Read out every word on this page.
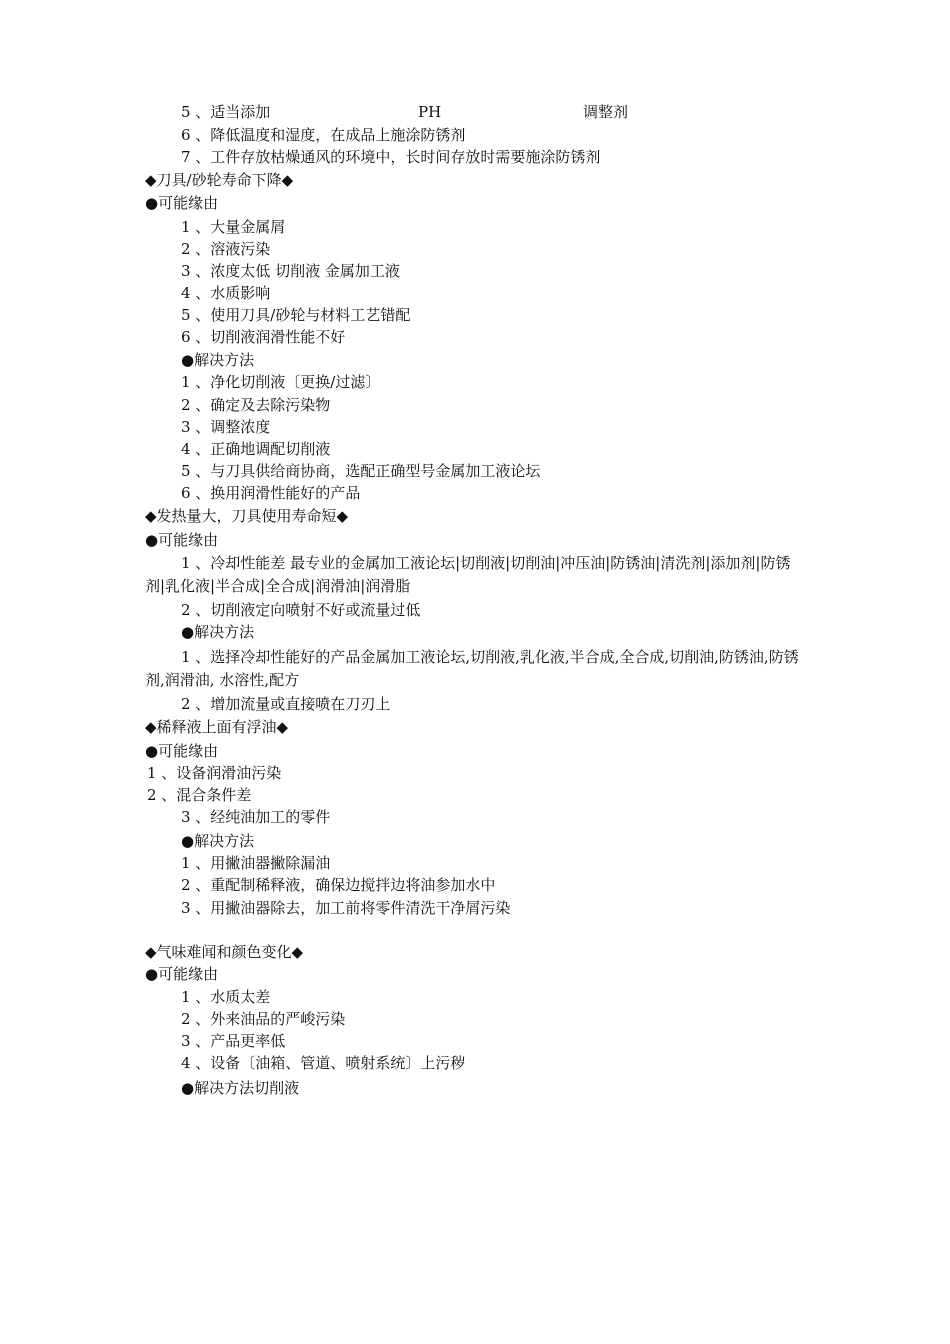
5 、适当添加	PH	调整剂
6 、降低温度和湿度，在成品上施涂防锈剂
7 、工件存放枯燥通风的环境中，长时间存放时需要施涂防锈剂
◆刀具/砂轮寿命下降◆
●可能缘由
1 、大量金属屑
2 、溶液污染
3 、浓度太低 切削液 金属加工液
4 、水质影响
5 、使用刀具/砂轮与材料工艺错配
6 、切削液润滑性能不好
●解决方法
1 、净化切削液〔更换/过滤〕
2 、确定及去除污染物
3 、调整浓度
4 、正确地调配切削液
5 、与刀具供给商协商，选配正确型号金属加工液论坛
6 、换用润滑性能好的产品
◆发热量大，刀具使用寿命短◆
●可能缘由
1 、冷却性能差 最专业的金属加工液论坛|切削液|切削油|冲压油|防锈油|清洗剂|添加剂|防锈剂|乳化液|半合成|全合成|润滑油|润滑脂
2 、切削液定向喷射不好或流量过低
●解决方法
1 、选择冷却性能好的产品金属加工液论坛,切削液,乳化液,半合成,全合成,切削油,防锈油,防锈剂,润滑油, 水溶性,配方
2 、增加流量或直接喷在刀刃上
◆稀释液上面有浮油◆
●可能缘由
1 、设备润滑油污染
2 、混合条件差
3 、经纯油加工的零件
●解决方法
1 、用撇油器撇除漏油
2 、重配制稀释液，确保边搅拌边将油参加水中
3 、用撇油器除去，加工前将零件清洗干净屑污染
◆气味难闻和颜色变化◆
●可能缘由
1 、水质太差
2 、外来油品的严峻污染
3 、产品更率低
4 、设备〔油箱、管道、喷射系统〕上污秽
●解决方法切削液
